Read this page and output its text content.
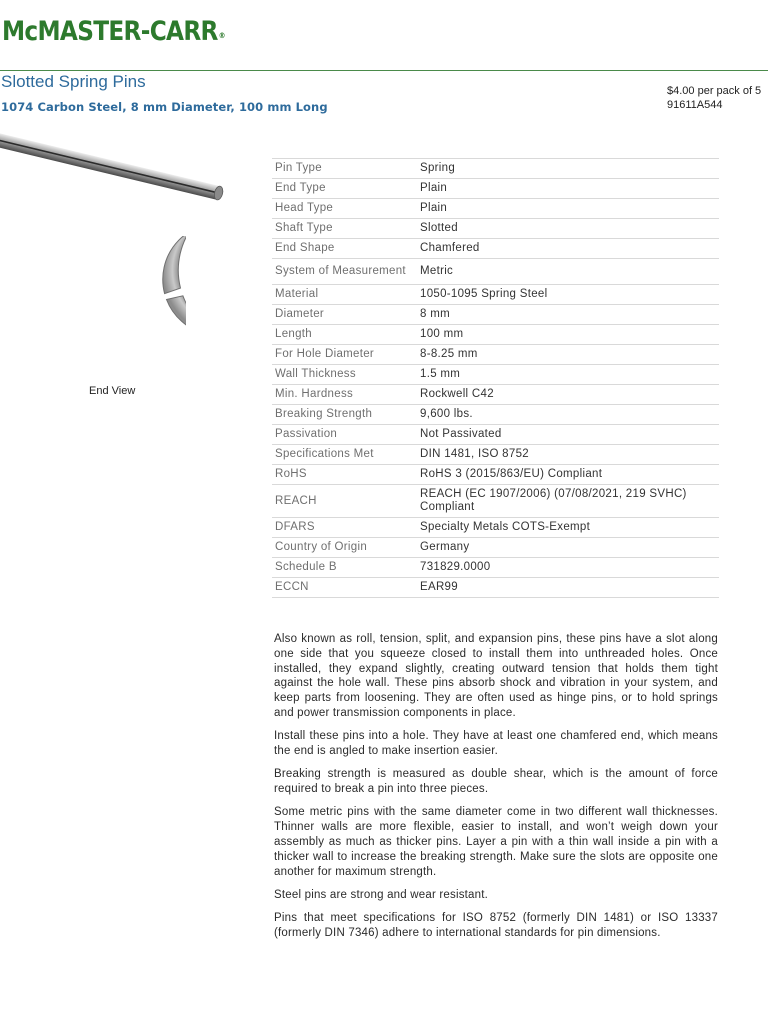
McMASTER-CARR®
Slotted Spring Pins
1074 Carbon Steel, 8 mm Diameter, 100 mm Long
$4.00 per pack of 5
91611A544
End View
Pin Type	Spring
End Type	Plain
Head Type	Plain
Shaft Type	Slotted
End Shape	Chamfered
System of Measurement	Metric
Material	1050-1095 Spring Steel
Diameter	8 mm
Length	100 mm
For Hole Diameter	8-8.25 mm
Wall Thickness	1.5 mm
Min. Hardness	Rockwell C42
Breaking Strength	9,600 lbs.
Passivation	Not Passivated
Specifications Met	DIN 1481, ISO 8752
RoHS	RoHS 3 (2015/863/EU) Compliant
REACH	REACH (EC 1907/2006) (07/08/2021, 219 SVHC) Compliant
DFARS	Specialty Metals COTS-Exempt
Country of Origin	Germany
Schedule B	731829.0000
ECCN	EAR99

Also known as roll, tension, split, and expansion pins, these pins have a slot along one side that you squeeze closed to install them into unthreaded holes. Once installed, they expand slightly, creating outward tension that holds them tight against the hole wall. These pins absorb shock and vibration in your system, and keep parts from loosening. They are often used as hinge pins, or to hold springs and power transmission components in place.

Install these pins into a hole. They have at least one chamfered end, which means the end is angled to make insertion easier.

Breaking strength is measured as double shear, which is the amount of force required to break a pin into three pieces.

Some metric pins with the same diameter come in two different wall thicknesses. Thinner walls are more flexible, easier to install, and won’t weigh down your assembly as much as thicker pins. Layer a pin with a thin wall inside a pin with a thicker wall to increase the breaking strength. Make sure the slots are opposite one another for maximum strength.

Steel pins are strong and wear resistant.

Pins that meet specifications for ISO 8752 (formerly DIN 1481) or ISO 13337 (formerly DIN 7346) adhere to international standards for pin dimensions.
